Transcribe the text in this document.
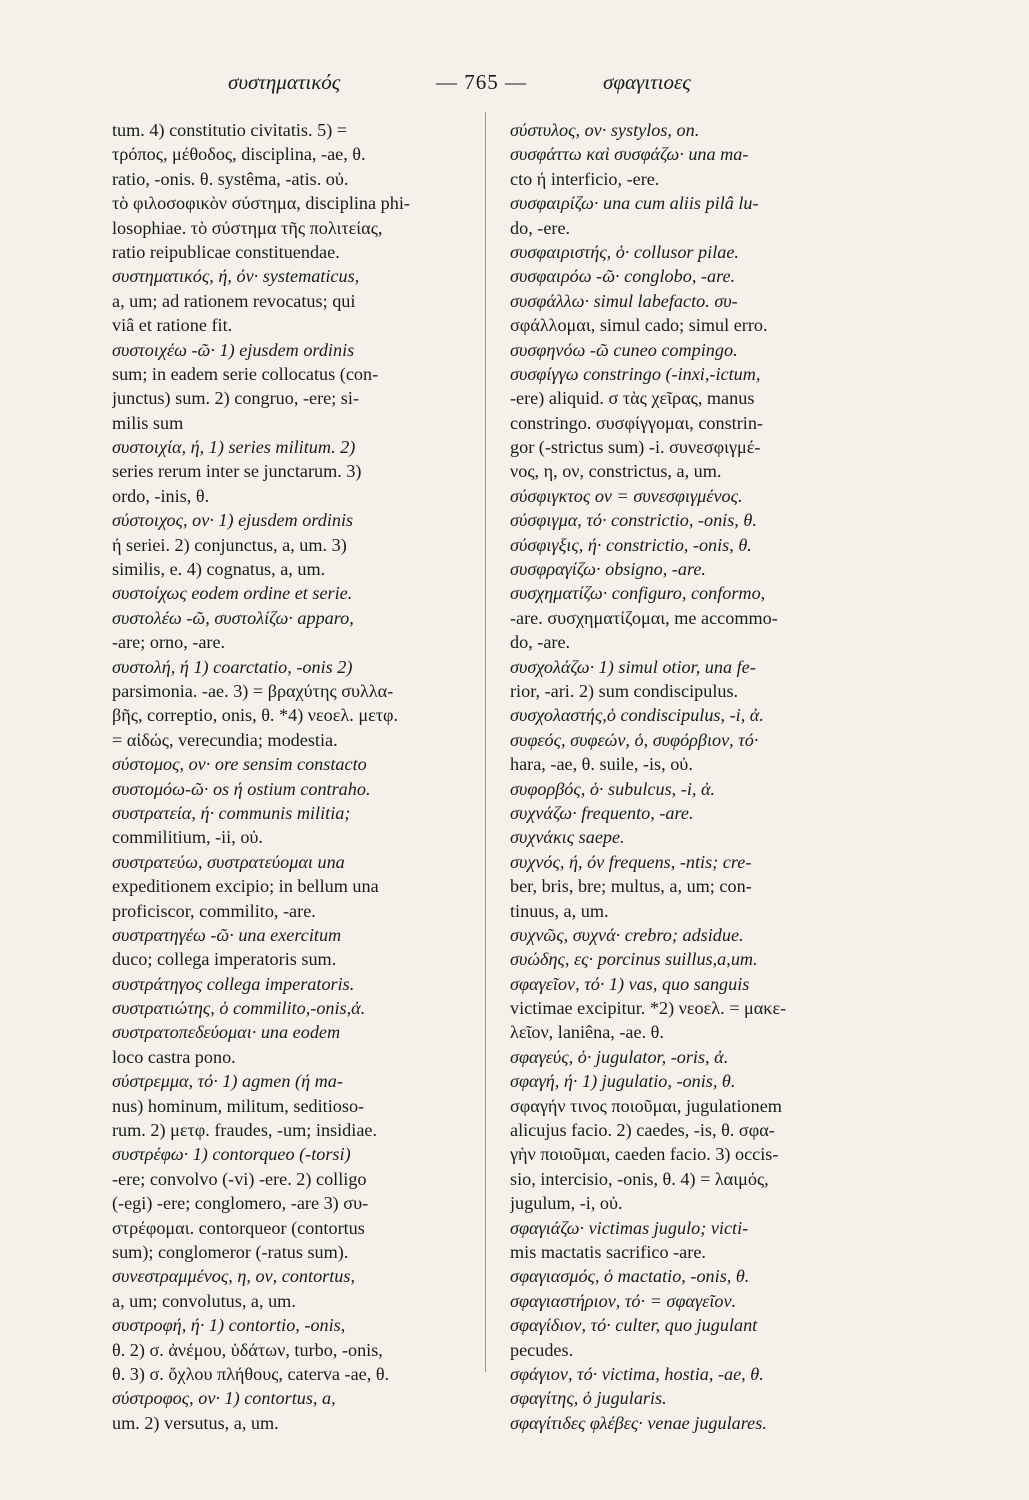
συστηματικός	— 765 —	σφαγιτιοες
tum. 4) constitutio civitatis. 5) =
τρόπος, μέθοδος, disciplina, -ae, θ.
ratio, -onis. θ. systêma, -atis. οὐ.
τὸ φιλοσοφικὸν σύστημα, disciplina phi-
losophiae. τὸ σύστημα τῆς πολιτείας,
ratio reipublicae constituendae.
συστηματικός, ή, όν· systematicus,
a, um; ad rationem revocatus; qui
viâ et ratione fit.
συστοιχέω -ῶ· 1) ejusdem ordinis
sum; in eadem serie collocatus (con-
junctus) sum. 2) congruo, -ere; si-
milis sum
συστοιχία, ή, 1) series militum. 2)
series rerum inter se junctarum. 3)
ordo, -inis, θ.
σύστοιχος, ον· 1) ejusdem ordinis
ή seriei. 2) conjunctus, a, um. 3)
similis, e. 4) cognatus, a, um.
συστοίχως eodem ordine et serie.
συστολέω -ῶ, συστολίζω· apparo,
-are; orno, -are.
συστολή, ή 1) coarctatio, -onis 2)
parsimonia. -ae. 3) = βραχύτης συλλα-
βῆς, correptio, onis, θ. *4) νεοελ. μετφ.
= αἰδώς, verecundia; modestia.
σύστομος, ον· ore sensim constacto
συστομόω-ῶ· os ή ostium contraho.
συστρατεία, ή· communis militia;
commilitium, -ii, οὐ.
συστρατεύω, συστρατεύομαι una
expeditionem excipio; in bellum una
proficiscor, commilito, -are.
συστρατηγέω -ῶ· una exercitum
duco; collega imperatoris sum.
συστράτηγος collega imperatoris.
συστρατιώτης, ὁ commilito,-onis,ἀ.
συστρατοπεδεύομαι· una eodem
loco castra pono.
σύστρεμμα, τό· 1) agmen (ή ma-
nus) hominum, militum, seditioso-
rum. 2) μετφ. fraudes, -um; insidiae.
συστρέφω· 1) contorqueo (-torsi)
-ere; convolvo (-vi) -ere. 2) colligo
(-egi) -ere; conglomero, -are 3) συ-
στρέφομαι. contorqueor (contortus
sum); conglomeror (-ratus sum).
συνεστραμμένος, η, ον, contortus,
a, um; convolutus, a, um.
συστροφή, ή· 1) contortio, -onis,
θ. 2) σ. ἀνέμου, ὑδάτων, turbo, -onis,
θ. 3) σ. ὄχλου πλήθους, caterva -ae, θ.
σύστροφος, ον· 1) contortus, a,
um. 2) versutus, a, um.
σύστυλος, ον· systylos, on.
συσφάττω καὶ συσφάζω· una ma-
cto ή interficio, -ere.
συσφαιρίζω· una cum aliis pilâ lu-
do, -ere.
συσφαιριστής, ὁ· collusor pilae.
συσφαιρόω -ῶ· conglobo, -are.
συσφάλλω· simul labefacto. συ-
σφάλλομαι, simul cado; simul erro.
συσφηνόω -ῶ cuneo compingo.
συσφίγγω constringo (-inxi,-ictum,
-ere) aliquid. σ τὰς χεῖρας, manus
constringo. συσφίγγομαι, constrin-
gor (-strictus sum) -i. συνεσφιγμέ-
νος, η, ον, constrictus, a, um.
σύσφιγκτος ον = συνεσφιγμένος.
σύσφιγμα, τό· constrictio, -onis, θ.
σύσφιγξις, ή· constrictio, -onis, θ.
συσφραγίζω· obsigno, -are.
συσχηματίζω· configuro, conformo,
-are. συσχηματίζομαι, me accommo-
do, -are.
συσχολάζω· 1) simul otior, una fe-
rior, -ari. 2) sum condiscipulus.
συσχολαστής,ὁ condiscipulus, -i, ἀ.
συφεός, συφεών, ὁ, συφόρβιον, τό·
hara, -ae, θ. suile, -is, οὐ.
συφορβός, ὁ· subulcus, -i, ἀ.
συχνάζω· frequento, -are.
συχνάκις saepe.
συχνός, ή, όν frequens, -ntis; cre-
ber, bris, bre; multus, a, um; con-
tinuus, a, um.
συχνῶς, συχνά· crebro; adsidue.
συώδης, ες· porcinus suillus,a,um.
σφαγεῖον, τό· 1) vas, quo sanguis
victimae excipitur. *2) νεοελ. = μακε-
λεῖον, laniêna, -ae. θ.
σφαγεύς, ὁ· jugulator, -oris, ἀ.
σφαγή, ή· 1) jugulatio, -onis, θ.
σφαγήν τινος ποιοῦμαι, jugulationem
alicujus facio. 2) caedes, -is, θ. σφα-
γὴν ποιοῦμαι, caeden facio. 3) occis-
sio, intercisio, -onis, θ. 4) = λαιμός,
jugulum, -i, οὐ.
σφαγιάζω· victimas jugulo; victi-
mis mactatis sacrifico -are.
σφαγιασμός, ὁ mactatio, -onis, θ.
σφαγιαστήριον, τό· = σφαγεῖον.
σφαγίδιον, τό· culter, quo jugulant
pecudes.
σφάγιον, τό· victima, hostia, -ae, θ.
σφαγίτης, ὁ jugularis.
σφαγίτιδες φλέβες· venae jugulares.
